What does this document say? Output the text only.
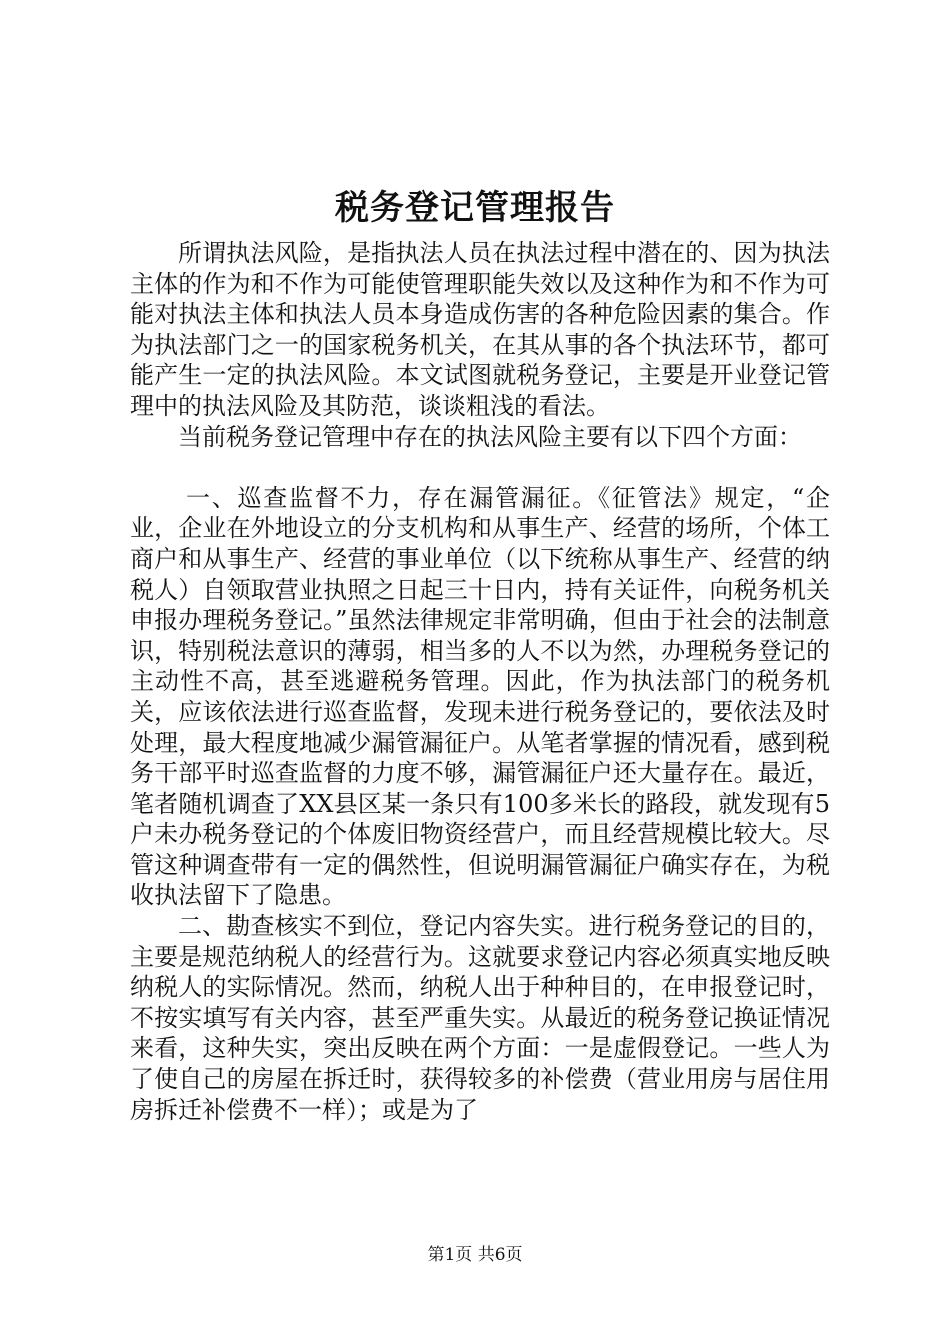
税务登记管理报告

所谓执法风险，是指执法人员在执法过程中潜在的、因为执法主体的作为和不作为可能使管理职能失效以及这种作为和不作为可能对执法主体和执法人员本身造成伤害的各种危险因素的集合。作为执法部门之一的国家税务机关，在其从事的各个执法环节，都可能产生一定的执法风险。本文试图就税务登记，主要是开业登记管理中的执法风险及其防范，谈谈粗浅的看法。

当前税务登记管理中存在的执法风险主要有以下四个方面：

一、巡查监督不力，存在漏管漏征。《征管法》规定，“企业，企业在外地设立的分支机构和从事生产、经营的场所，个体工商户和从事生产、经营的事业单位（以下统称从事生产、经营的纳税人）自领取营业执照之日起三十日内，持有关证件，向税务机关申报办理税务登记。”虽然法律规定非常明确，但由于社会的法制意识，特别税法意识的薄弱，相当多的人不以为然，办理税务登记的主动性不高，甚至逃避税务管理。因此，作为执法部门的税务机关，应该依法进行巡查监督，发现未进行税务登记的，要依法及时处理，最大程度地减少漏管漏征户。从笔者掌握的情况看，感到税务干部平时巡查监督的力度不够，漏管漏征户还大量存在。最近，笔者随机调查了XX县区某一条只有100多米长的路段，就发现有5户未办税务登记的个体废旧物资经营户，而且经营规模比较大。尽管这种调查带有一定的偶然性，但说明漏管漏征户确实存在，为税收执法留下了隐患。

二、勘查核实不到位，登记内容失实。进行税务登记的目的，主要是规范纳税人的经营行为。这就要求登记内容必须真实地反映纳税人的实际情况。然而，纳税人出于种种目的，在申报登记时，不按实填写有关内容，甚至严重失实。从最近的税务登记换证情况来看，这种失实，突出反映在两个方面：一是虚假登记。一些人为了使自己的房屋在拆迁时，获得较多的补偿费（营业用房与居住用房拆迁补偿费不一样）；或是为了

第1页 共6页
